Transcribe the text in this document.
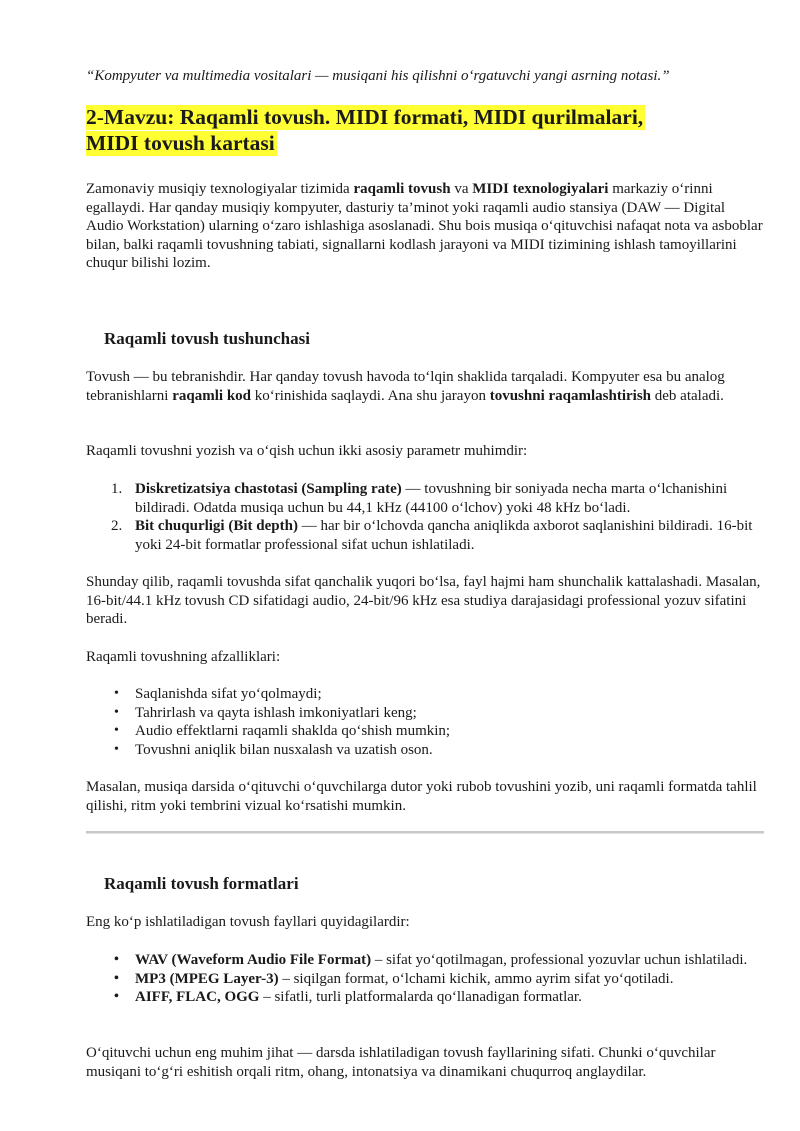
“Kompyuter va multimedia vositalari — musiqani his qilishni o‘rgatuvchi yangi asrning notasi.”
2-Mavzu: Raqamli tovush. MIDI formati, MIDI qurilmalari,
MIDI tovush kartasi

Zamonaviy musiqiy texnologiyalar tizimida raqamli tovush va MIDI texnologiyalari markaziy o‘rinni egallaydi. Har qanday musiqiy kompyuter, dasturiy ta’minot yoki raqamli audio stansiya (DAW — Digital Audio Workstation) ularning o‘zaro ishlashiga asoslanadi. Shu bois musiqa o‘qituvchisi nafaqat nota va asboblar bilan, balki raqamli tovushning tabiati, signallarni kodlash jarayoni va MIDI tizimining ishlash tamoyillarini chuqur bilishi lozim.

Raqamli tovush tushunchasi

Tovush — bu tebranishdir. Har qanday tovush havoda to‘lqin shaklida tarqaladi. Kompyuter esa bu analog tebranishlarni raqamli kod ko‘rinishida saqlaydi. Ana shu jarayon tovushni raqamlashtirish deb ataladi.

Raqamli tovushni yozish va o‘qish uchun ikki asosiy parametr muhimdir:

1. Diskretizatsiya chastotasi (Sampling rate) — tovushning bir soniyada necha marta o‘lchanishini bildiradi. Odatda musiqa uchun bu 44,1 kHz (44100 o‘lchov) yoki 48 kHz bo‘ladi.
2. Bit chuqurligi (Bit depth) — har bir o‘lchovda qancha aniqlikda axborot saqlanishini bildiradi. 16-bit yoki 24-bit formatlar professional sifat uchun ishlatiladi.

Shunday qilib, raqamli tovushda sifat qanchalik yuqori bo‘lsa, fayl hajmi ham shunchalik kattalashadi. Masalan, 16-bit/44.1 kHz tovush CD sifatidagi audio, 24-bit/96 kHz esa studiya darajasidagi professional yozuv sifatini beradi.

Raqamli tovushning afzalliklari:

• Saqlanishda sifat yo‘qolmaydi;
• Tahrirlash va qayta ishlash imkoniyatlari keng;
• Audio effektlarni raqamli shaklda qo‘shish mumkin;
• Tovushni aniqlik bilan nusxalash va uzatish oson.

Masalan, musiqa darsida o‘qituvchi o‘quvchilarga dutor yoki rubob tovushini yozib, uni raqamli formatda tahlil qilishi, ritm yoki tembrini vizual ko‘rsatishi mumkin.

Raqamli tovush formatlari

Eng ko‘p ishlatiladigan tovush fayllari quyidagilardir:

• WAV (Waveform Audio File Format) – sifat yo‘qotilmagan, professional yozuvlar uchun ishlatiladi.
• MP3 (MPEG Layer-3) – siqilgan format, o‘lchami kichik, ammo ayrim sifat yo‘qotiladi.
• AIFF, FLAC, OGG – sifatli, turli platformalarda qo‘llanadigan formatlar.

O‘qituvchi uchun eng muhim jihat — darsda ishlatiladigan tovush fayllarining sifati. Chunki o‘quvchilar musiqani to‘g‘ri eshitish orqali ritm, ohang, intonatsiya va dinamikani chuqurroq anglaydilar.
